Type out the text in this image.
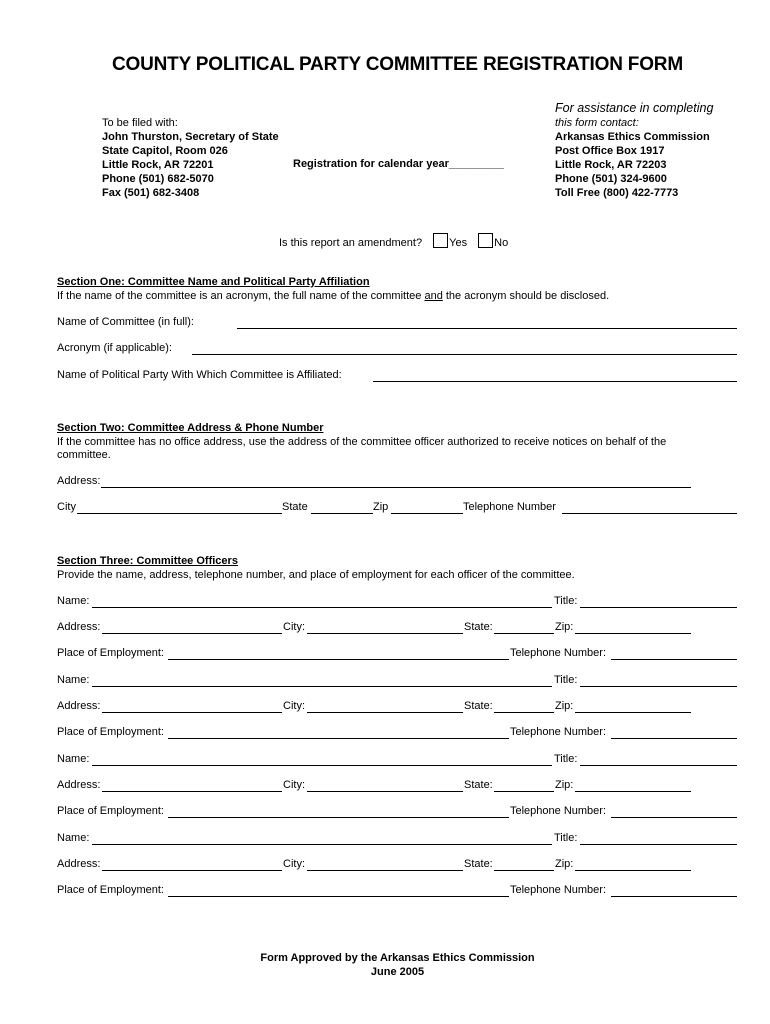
COUNTY POLITICAL PARTY COMMITTEE REGISTRATION FORM
To be filed with:
John Thurston, Secretary of State
State Capitol, Room 026
Little Rock, AR 72201
Phone (501) 682-5070
Fax (501) 682-3408
Registration for calendar year_________
For assistance in completing
this form contact:
Arkansas Ethics Commission
Post Office Box 1917
Little Rock, AR 72203
Phone (501) 324-9600
Toll Free (800) 422-7773
Is this report an amendment? Yes No
Section One: Committee Name and Political Party Affiliation
If the name of the committee is an acronym, the full name of the committee and the acronym should be disclosed.
Name of Committee (in full):
Acronym (if applicable):
Name of Political Party With Which Committee is Affiliated:
Section Two: Committee Address & Phone Number
If the committee has no office address, use the address of the committee officer authorized to receive notices on behalf of the committee.
Address:
City	State	Zip	Telephone Number
Section Three: Committee Officers
Provide the name, address, telephone number, and place of employment for each officer of the committee.
Name:	Title:
Address:	City:	State:	Zip:
Place of Employment:	Telephone Number:
Name:	Title:
Address:	City:	State:	Zip:
Place of Employment:	Telephone Number:
Name:	Title:
Address:	City:	State:	Zip:
Place of Employment:	Telephone Number:
Name:	Title:
Address:	City:	State:	Zip:
Place of Employment:	Telephone Number:
Form Approved by the Arkansas Ethics Commission
June 2005
